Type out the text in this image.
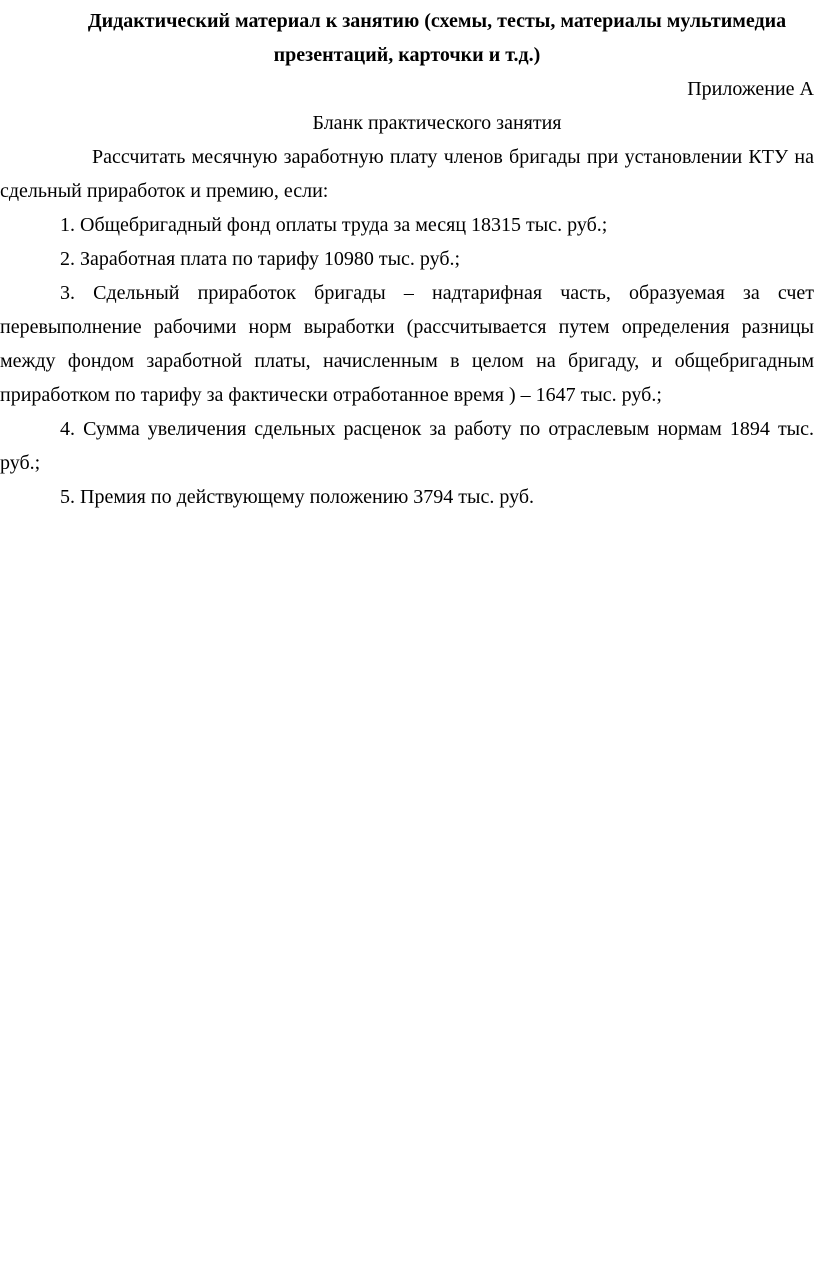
Дидактический материал к занятию (схемы, тесты, материалы мультимедиа
презентаций, карточки и т.д.)

Приложение А

Бланк практического занятия

Рассчитать месячную заработную плату членов бригады при установлении КТУ на сдельный приработок и премию, если:

1. Общебригадный фонд оплаты труда за месяц 18315 тыс. руб.;

2. Заработная плата по тарифу 10980 тыс. руб.;

3. Сдельный приработок бригады – надтарифная часть, образуемая за счет перевыполнение рабочими норм выработки (рассчитывается путем определения разницы между фондом заработной платы, начисленным в целом на бригаду, и общебригадным приработком по тарифу за фактически отработанное время ) – 1647 тыс. руб.;

4. Сумма увеличения сдельных расценок за работу по отраслевым нормам 1894 тыс. руб.;

5. Премия по действующему положению 3794 тыс. руб.
